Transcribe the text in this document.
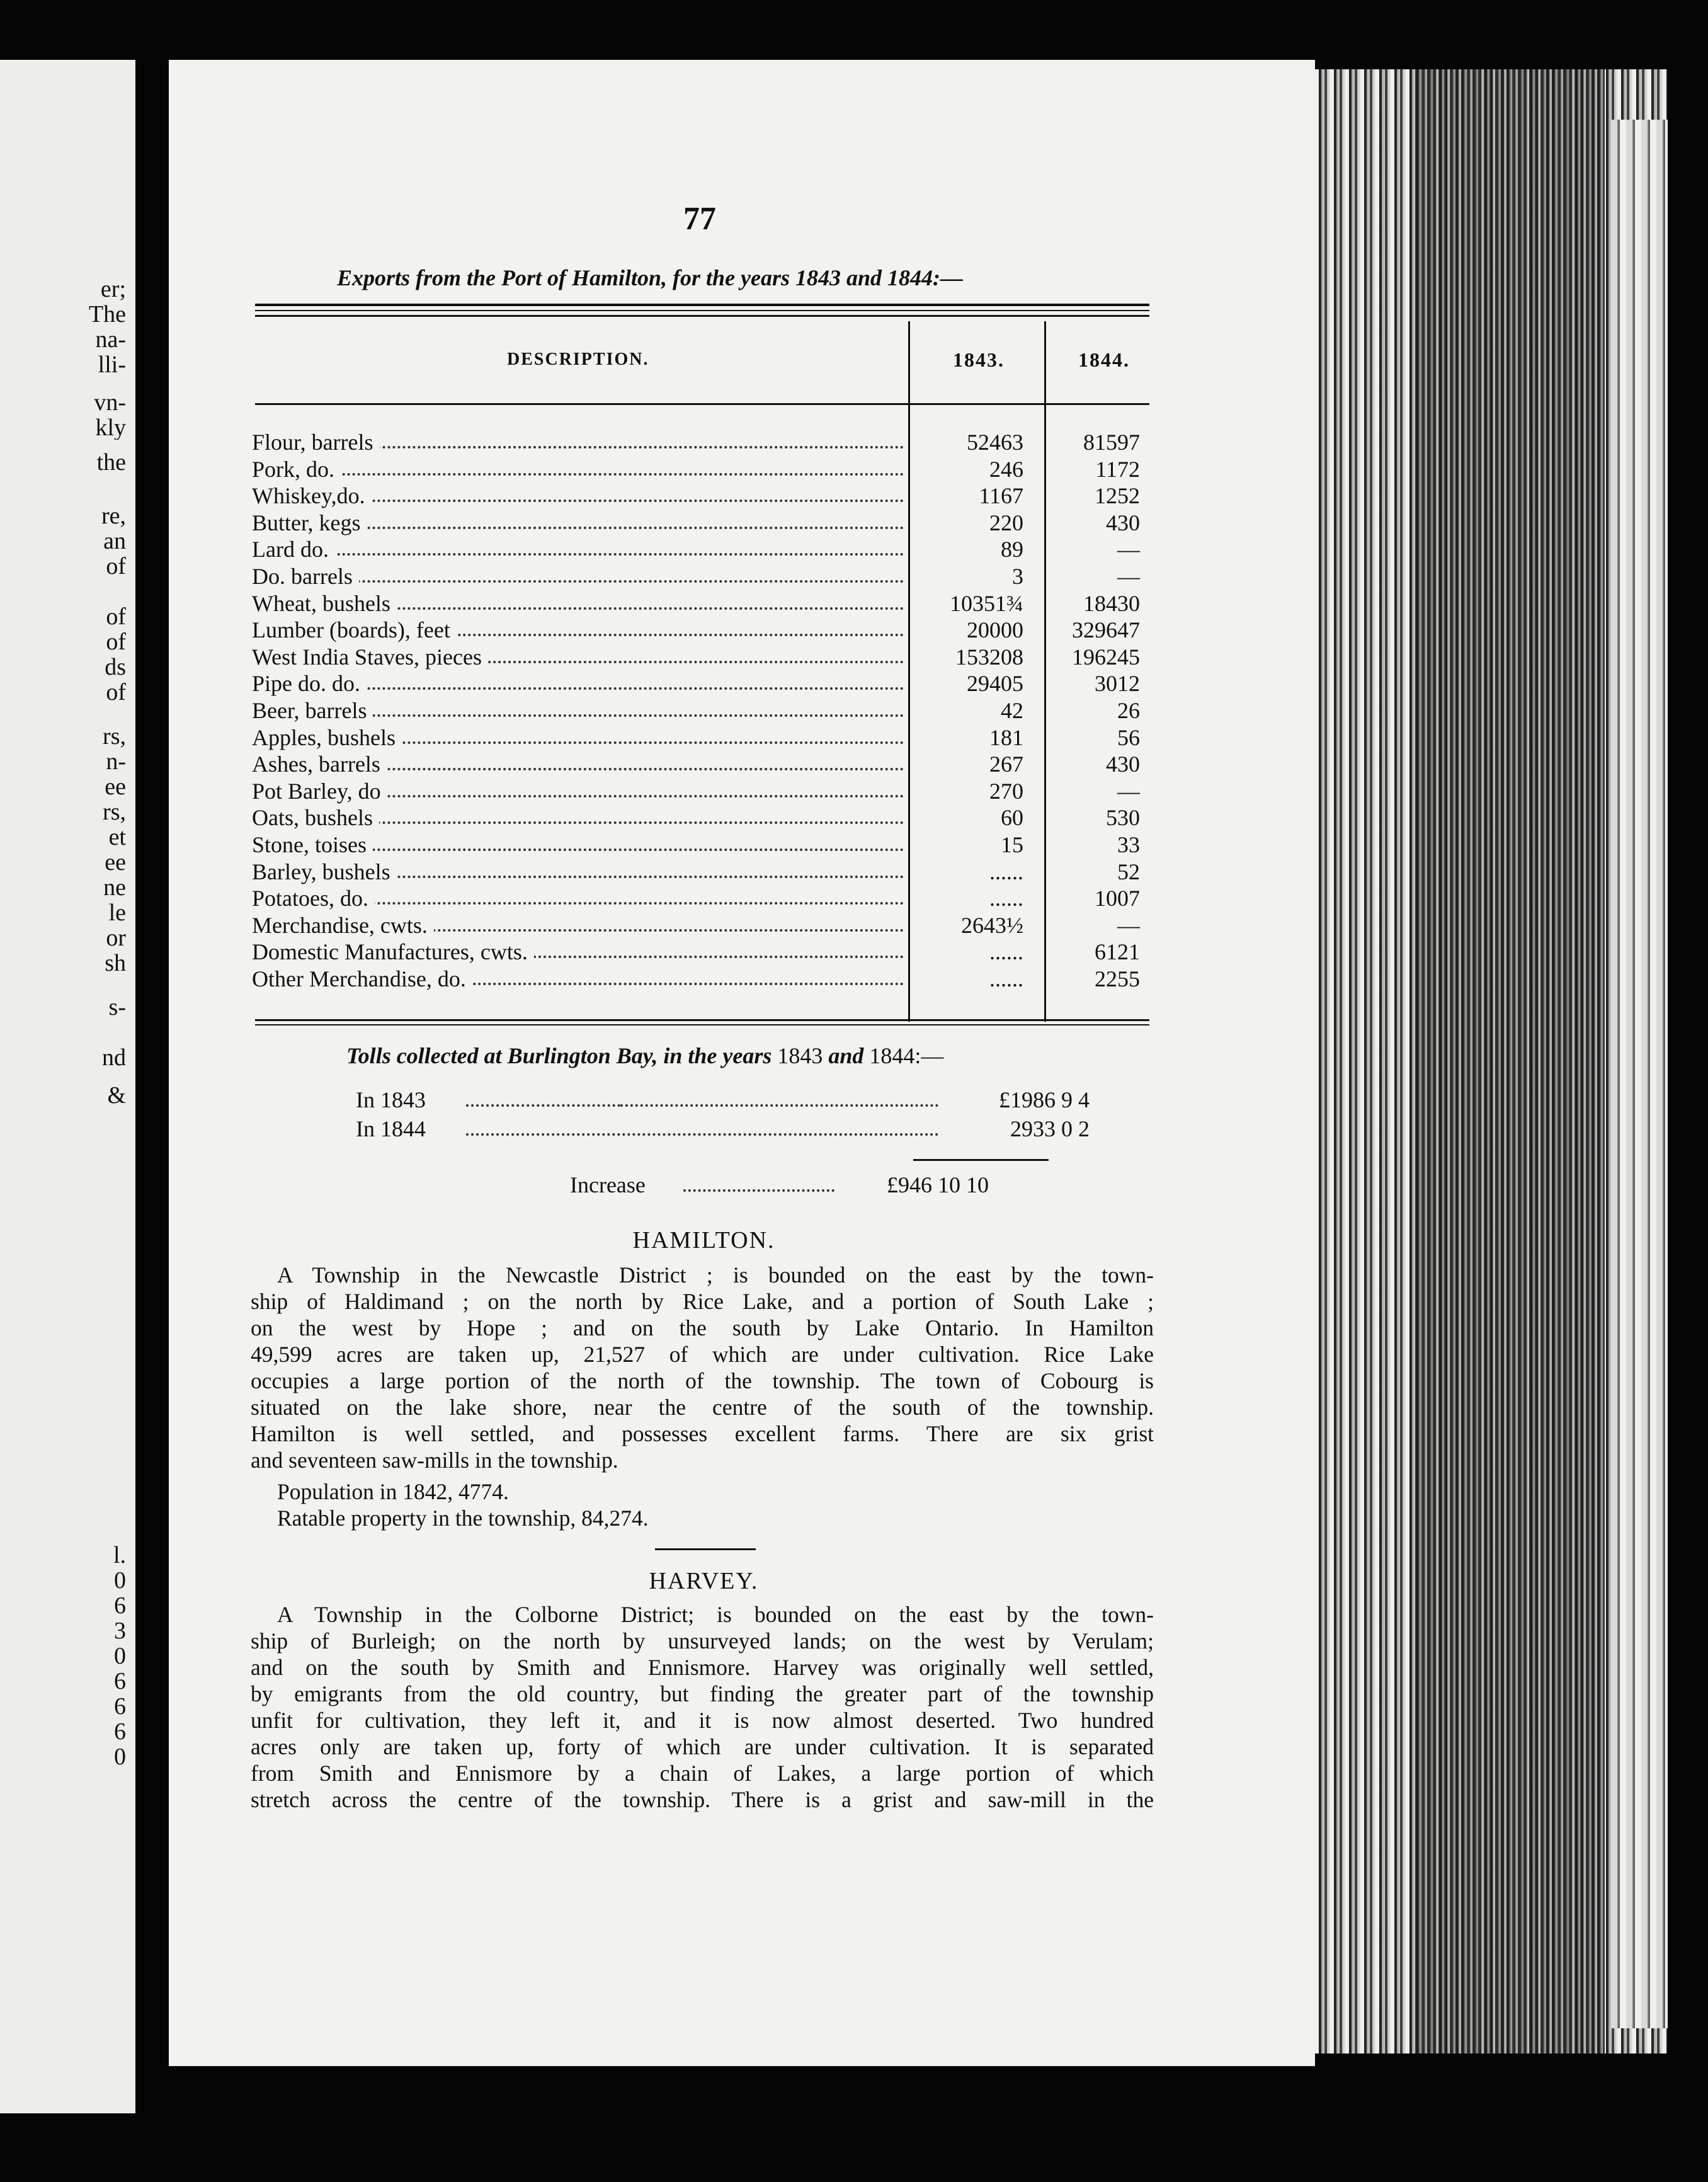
er;
The
na-
lli-
vn-
kly
the
re,
an
of
of
of
ds
of
rs,
n-
ee
rs,
et
ee
ne
le
or
sh
s-
nd
&
l.
0
6
3
0
6
6
6
0
77
Exports from the Port of Hamilton, for the years 1843 and 1844:—
DESCRIPTION.	1843.	1844.
Flour, barrels	52463	81597
Pork, do.	246	1172
Whiskey,do.	1167	1252
Butter, kegs	220	430
Lard do.	89	—
Do. barrels	3	—
Wheat, bushels	10351¾	18430
Lumber (boards), feet	20000	329647
West India Staves, pieces	153208	196245
Pipe do. do.	29405	3012
Beer, barrels	42	26
Apples, bushels	181	56
Ashes, barrels	267	430
Pot Barley, do	270	—
Oats, bushels	60	530
Stone, toises	15	33
Barley, bushels	......	52
Potatoes, do.	......	1007
Merchandise, cwts.	2643½	—
Domestic Manufactures, cwts.	......	6121
Other Merchandise, do.	......	2255
Tolls collected at Burlington Bay, in the years 1843 and 1844:—
In 1843	£1986 9 4
In 1844	2933 0 2
Increase	£946 10 10
HAMILTON.
A Township in the Newcastle District ; is bounded on the east by the town-
ship of Haldimand ; on the north by Rice Lake, and a portion of South Lake ;
on the west by Hope ; and on the south by Lake Ontario. In Hamilton
49,599 acres are taken up, 21,527 of which are under cultivation. Rice Lake
occupies a large portion of the north of the township. The town of Cobourg is
situated on the lake shore, near the centre of the south of the township.
Hamilton is well settled, and possesses excellent farms. There are six grist
and seventeen saw-mills in the township.
Population in 1842, 4774.
Ratable property in the township, 84,274.
HARVEY.
A Township in the Colborne District; is bounded on the east by the town-
ship of Burleigh; on the north by unsurveyed lands; on the west by Verulam;
and on the south by Smith and Ennismore. Harvey was originally well settled,
by emigrants from the old country, but finding the greater part of the township
unfit for cultivation, they left it, and it is now almost deserted. Two hundred
acres only are taken up, forty of which are under cultivation. It is separated
from Smith and Ennismore by a chain of Lakes, a large portion of which
stretch across the centre of the township. There is a grist and saw-mill in the
